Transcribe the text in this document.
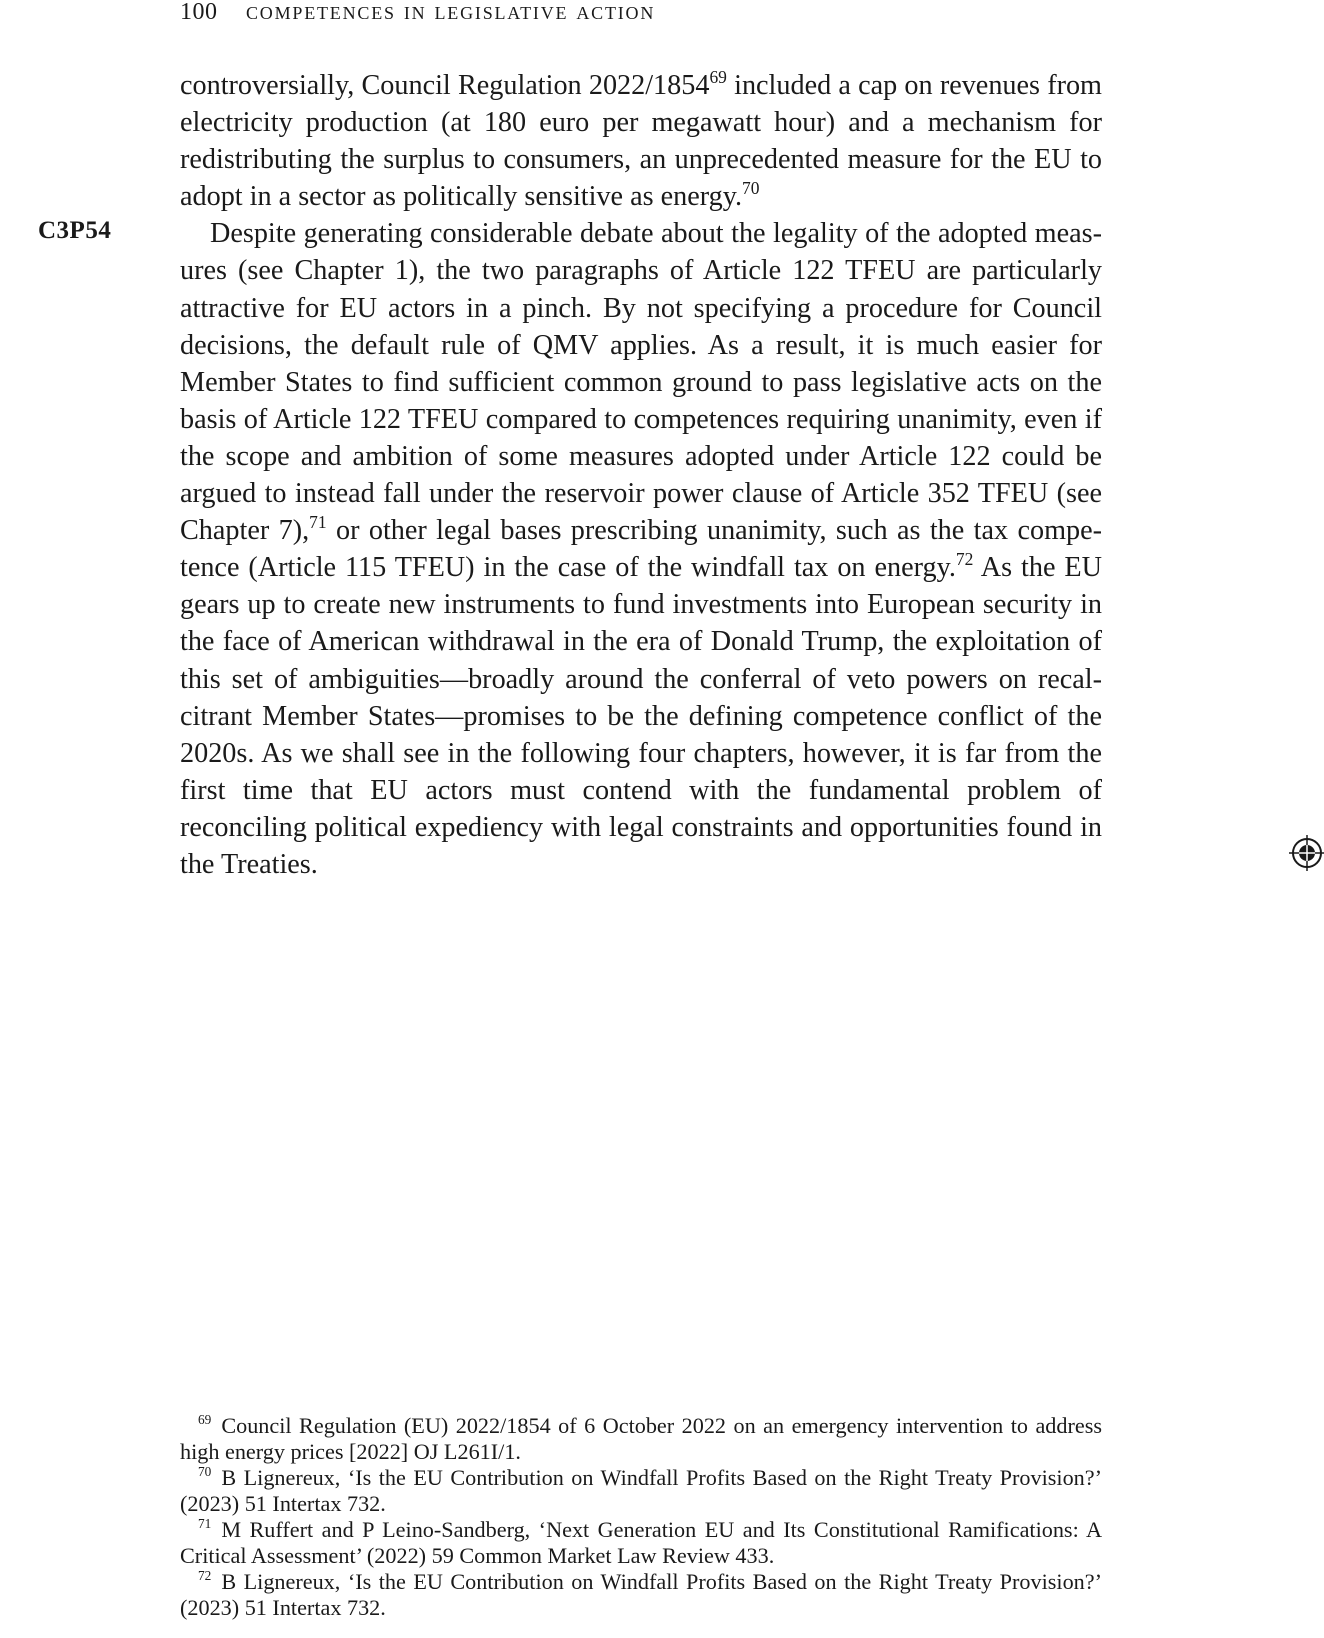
100 competences in legislative action
C3P54

controversially, Council Regulation 2022/1854$^{69}$ included a cap on revenues from electricity production (at 180 euro per megawatt hour) and a mechanism for redistributing the surplus to consumers, an unprecedented measure for the EU to adopt in a sector as politically sensitive as energy.$^{70}$

Despite generating considerable debate about the legality of the adopted measures (see Chapter 1), the two paragraphs of Article 122 TFEU are particularly attractive for EU actors in a pinch. By not specifying a procedure for Council decisions, the default rule of QMV applies. As a result, it is much easier for Member States to find sufficient common ground to pass legislative acts on the basis of Article 122 TFEU compared to competences requiring unanimity, even if the scope and ambition of some measures adopted under Article 122 could be argued to instead fall under the reservoir power clause of Article 352 TFEU (see Chapter 7),$^{71}$ or other legal bases prescribing unanimity, such as the tax competence (Article 115 TFEU) in the case of the windfall tax on energy.$^{72}$ As the EU gears up to create new instruments to fund investments into European security in the face of American withdrawal in the era of Donald Trump, the exploitation of this set of ambiguities—broadly around the conferral of veto powers on recalcitrant Member States—promises to be the defining competence conflict of the 2020s. As we shall see in the following four chapters, however, it is far from the first time that EU actors must contend with the fundamental problem of reconciling political expediency with legal constraints and opportunities found in the Treaties.

$^{69}$ Council Regulation (EU) 2022/1854 of 6 October 2022 on an emergency intervention to address high energy prices [2022] OJ L261I/1.

$^{70}$ B Lignereux, ‘Is the EU Contribution on Windfall Profits Based on the Right Treaty Provision?’ (2023) 51 Intertax 732.

$^{71}$ M Ruffert and P Leino-Sandberg, ‘Next Generation EU and Its Constitutional Ramifications: A Critical Assessment’ (2022) 59 Common Market Law Review 433.

$^{72}$ B Lignereux, ‘Is the EU Contribution on Windfall Profits Based on the Right Treaty Provision?’ (2023) 51 Intertax 732.
